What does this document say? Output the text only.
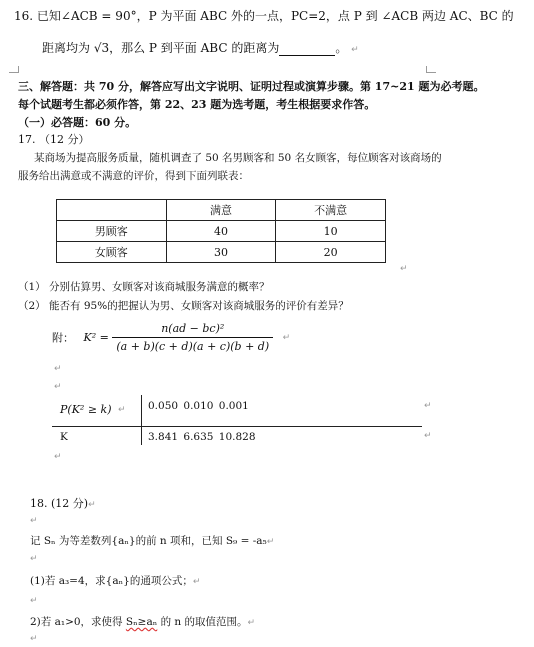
16. 已知∠ACB = 90°，P 为平面 ABC 外的一点，PC=2，点 P 到 ∠ACB 两边 AC、BC 的
距离均为 √3，那么 P 到平面 ABC 的距离为	。 ↵
三、解答题：共 70 分，解答应写出文字说明、证明过程或演算步骤。第 17~21 题为必考题。
每个试题考生都必须作答，第 22、23 题为选考题，考生根据要求作答。
（一）必答题：60 分。
17. （12 分）
某商场为提高服务质量，随机调查了 50 名男顾客和 50 名女顾客，每位顾客对该商场的
服务给出满意或不满意的评价，得到下面列联表：
	满意	不满意
男顾客	40	10
女顾客	30	20
↵
（1） 分别估算男、女顾客对该商城服务满意的概率？
（2） 能否有 95%的把握认为男、女顾客对该商城服务的评价有差异？
附： $K^2 = \frac{\text{n(ad − bc)²}}{(a + b)(c + d)(a + c)(b + d)}$ ↵
↵
↵
P(K² ≥ k) ↵ 0.050 0.010 0.001	↵
K	3.841 6.635 10.828	↵
↵
18. (12 分)↵
↵
记 Sₙ 为等差数列{aₙ}的前 n 项和，已知 S₉ = -a₅↵
↵
(1)若 a₃=4，求{aₙ}的通项公式；↵
↵
2)若 a₁>0，求使得 Sₙ≥aₙ 的 n 的取值范围。↵
↵
